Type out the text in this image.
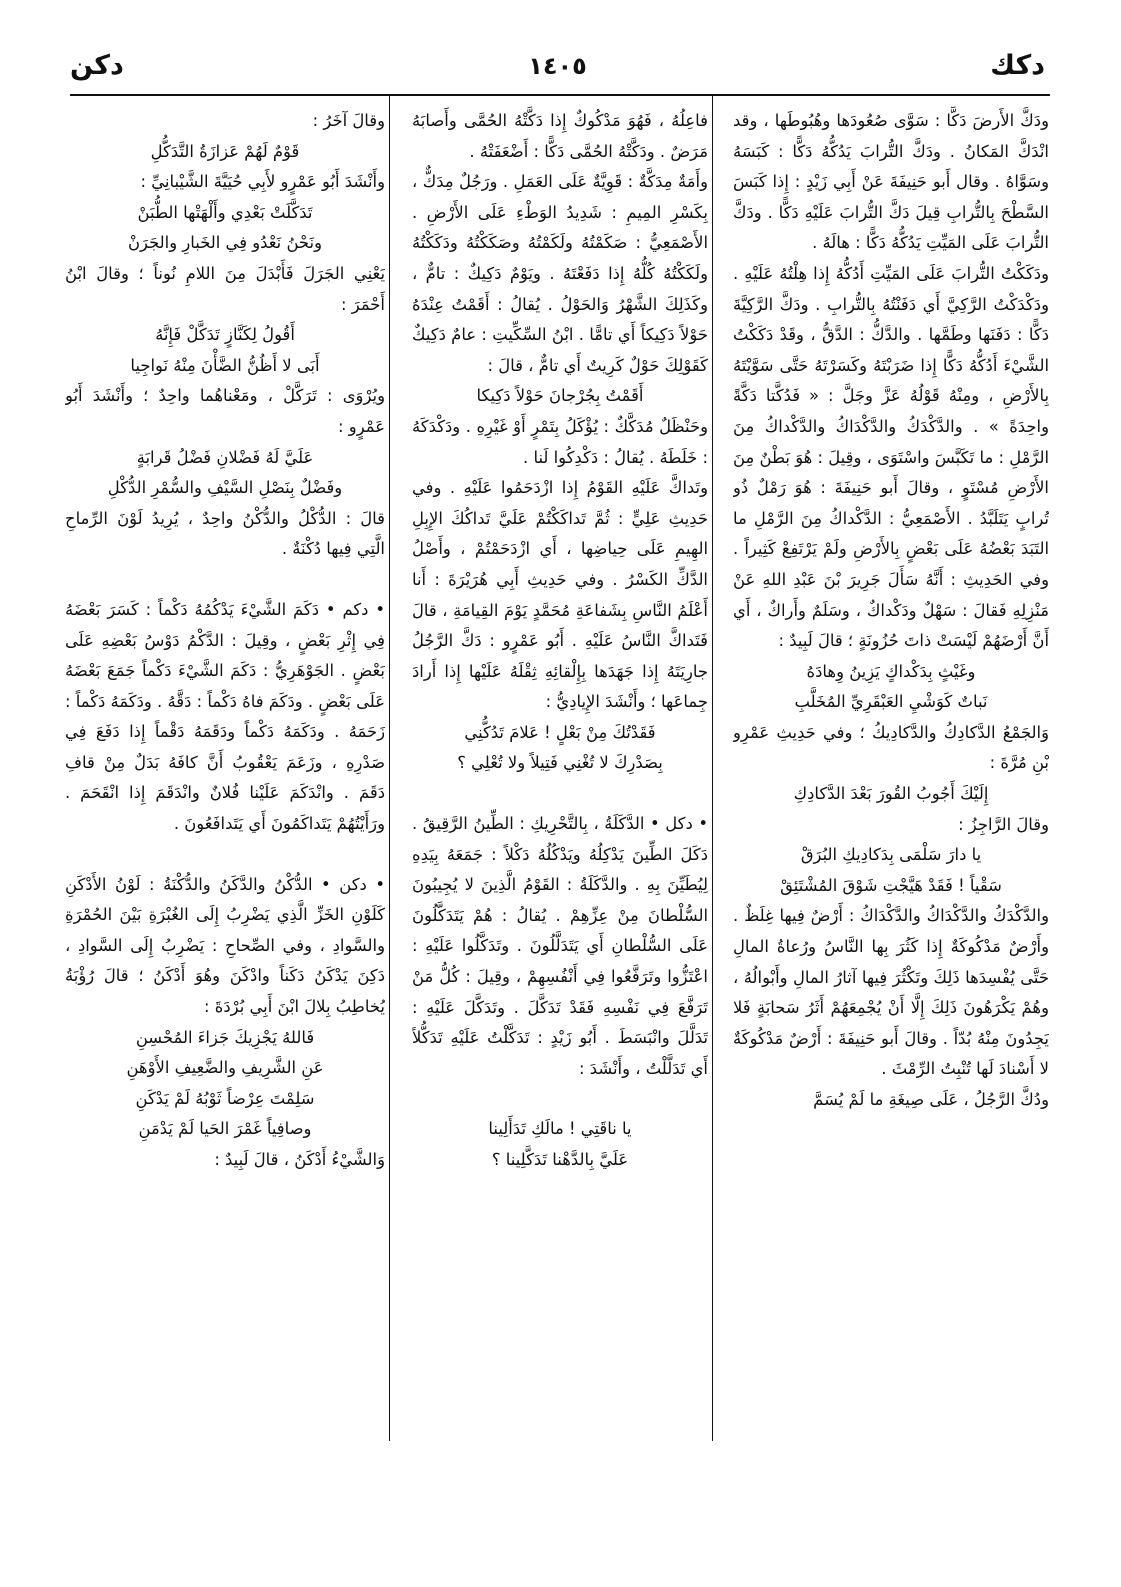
دكك
١٤٠٥
دكن

ودَكَّ الأَرضَ دَكًّا : سَوَّى صُعُودَها وهُبُوطَها ، وقد انْدَكَّ المَكانُ . ودَكَّ التُّرابَ يَدُكُّهُ دَكًّا : كَبَسَهُ وسَوَّاهُ . وقال أَبو حَنِيفَةَ عَنْ أَبِي زَيْدٍ : إِذا كَبَسَ السَّطْحَ بِالتُّرابِ قِيلَ دَكَّ التُّرابَ عَلَيْهِ دَكًّا . ودَكَّ التُّرابَ عَلَى المَيِّتِ يَدُكُّهُ دَكًّا : هالَهُ .

ودَكَكْتُ التُّرابَ عَلَى المَيِّتِ أَدُكُّهُ إِذا هِلْتُهُ عَلَيْهِ . ودَكْدَكْتُ الرَّكِيَّ أَي دَفَنْتُهُ بِالتُّرابِ . ودَكَّ الرَّكِيَّةَ دَكًّا : دَفَنَها وطَمَّها . والدَّكُّ : الدَّقُّ ، وقَدْ دَكَكْتُ الشَّيْءَ أَدُكُّهُ دَكًّا إِذا ضَرَبْتَهُ وكَسَرْتَهُ حَتَّى سَوَّيْتَهُ بِالأَرْضِ ، ومِنْهُ قَوْلُهُ عَزَّ وجَلَّ : « فَدُكَّتا دَكَّةً واحِدَةً » . والدَّكْدَكُ والدَّكْدَاكُ والدَّكْداكُ مِنَ الرَّمْلِ : ما تَكَبَّسَ واسْتَوَى ، وقِيلَ : هُوَ بَطْنٌ مِنَ الأَرْضِ مُسْتَوٍ ، وقالَ أَبو حَنِيفَةَ : هُوَ رَمْلٌ ذُو تُرابٍ يَتَلَبَّدُ . الأَصْمَعِيُّ : الدَّكْداكُ مِنَ الرَّمْلِ ما التَبَدَ بَعْضُهُ عَلَى بَعْضٍ بِالأَرْضِ ولَمْ يَرْتَفِعْ كَثِيراً . وفي الحَدِيثِ : أَنَّهُ سَأَلَ جَرِيرَ بْنَ عَبْدِ اللهِ عَنْ مَنْزِلِهِ فَقالَ : سَهْلٌ ودَكْداكٌ ، وسَلَمٌ وأَراكٌ ، أَي أَنَّ أَرْضَهُمْ لَيْسَتْ ذاتَ حُزُونَةٍ ؛ قالَ لَبِيدٌ :

وغَيْثٍ بِدَكْداكٍ يَزِينُ وِهادَهُ

نَباتٌ كَوَشْيِ العَبْقَرِيِّ المُخَلَّبِ

وَالجَمْعُ الدَّكادِكُ والدَّكادِيكُ ؛ وفي حَدِيثِ عَمْرِو بْنِ مُرَّةَ :

إِلَيْكَ أَجُوبُ القُورَ بَعْدَ الدَّكادِكِ

وقالَ الرَّاجِزُ :

يا دارَ سَلْمَى بِدَكادِيكِ البُرَقْ

سَقْياً ! فَقَدْ هَيَّجْتِ شَوْقَ المُشْتَئِقْ

والدَّكْدَكُ والدَّكْدَاكُ والدَّكْدَاكُ : أَرْضٌ فِيها غِلَظٌ . وأَرْضٌ مَدْكُوكَةٌ إِذا كَثُرَ بِها النَّاسُ ورُعاةُ المالِ حَتَّى يُفْسِدَها ذَلِكَ وتَكْثُرَ فِيها آثارُ المالِ وأَبْوالُهُ ، وهُمْ يَكْرَهُونَ ذَلِكَ إِلَّا أَنْ يُجْمِعَهُمْ أَثَرُ سَحابَةٍ فَلا يَجِدُونَ مِنْهُ بُدّاً . وقالَ أَبو حَنِيفَةَ : أَرْضٌ مَدْكُوكَةٌ لا أَسْنادَ لَها تُنْبِتُ الرِّمْثَ .

ودُكَّ الرَّجُلُ ، عَلَى صِيغَةِ ما لَمْ يُسَمَّ

فاعِلُهُ ، فَهُوَ مَدْكُوكٌ إِذا دَكَّتْهُ الحُمَّى وأَصابَهُ مَرَضٌ . ودَكَّتْهُ الحُمَّى دَكًّا : أَضْعَفَتْهُ .

وأَمَةٌ مِدَكَّةٌ : قَوِيَّةٌ عَلَى العَمَلِ . ورَجُلٌ مِدَكٌّ ، بِكَسْرِ المِيمِ : شَدِيدُ الوَطْءِ عَلَى الأَرْضِ . الأَصْمَعِيُّ : صَكَمْتُهُ ولَكَمْتُهُ وصَكَكْتُهُ ودَكَكْتُهُ ولَكَكْتُهُ كُلُّهُ إِذا دَفَعْتَهُ . ويَوْمٌ دَكِيكٌ : تامٌّ ، وكَذَلِكَ الشَّهْرُ وَالحَوْلُ . يُقالُ : أَقَمْتُ عِنْدَهُ حَوْلاً دَكِيكاً أَي تامًّا . ابْنُ السِّكِّيتِ : عامٌ دَكِيكٌ كَقَوْلِكَ حَوْلٌ كَرِيتٌ أَي تامٌّ ، قالَ :

أَقَمْتُ بِجُرْجانَ حَوْلاً دَكِيكا

وحَنْظَلٌ مُدَكَّكٌ : يُؤْكَلُ بِتَمْرٍ أَوْ غَيْرِهِ . ودَكْدَكَهُ : خَلَطَهُ . يُقالُ : دَكْدِكُوا لَنا .

وتَداكَّ عَلَيْهِ القَوْمُ إِذا ازْدَحَمُوا عَلَيْهِ . وفي حَدِيثِ عَلِيٍّ : ثُمَّ تَداكَكْتُمْ عَلَيَّ تَداكُكَ الإِبِلِ الهِيمِ عَلَى حِياضِها ، أَي ازْدَحَمْتُمْ ، وأَصْلُ الدَّكِّ الكَسْرُ . وفي حَدِيثِ أَبِي هُرَيْرَةَ : أَنا أَعْلَمُ النَّاسِ بِشَفاعَةِ مُحَمَّدٍ يَوْمَ القِيامَةِ ، قالَ فَتَداكَّ النَّاسُ عَلَيْهِ . أَبُو عَمْرٍو : دَكَّ الرَّجُلُ جارِيَتَهُ إِذا جَهَدَها بِإِلْقائِهِ ثِقْلَهُ عَلَيْها إِذا أَرادَ جِماعَها ؛ وأَنْشَدَ الإِيادِيُّ :

فَقَدْتُكَ مِنْ بَعْلٍ ! عَلامَ تَدُكُّنِي

بِصَدْرِكَ لا تُغْنِي فَتِيلاً ولا تُعْلِي ؟

• دكل • الدَّكَلَةُ ، بِالتَّحْرِيكِ : الطِّينُ الرَّقِيقُ . دَكَلَ الطِّينَ يَدْكِلُهُ ويَدْكُلُهُ دَكْلاً : جَمَعَهُ بِيَدِهِ لِيُطَيِّنَ بِهِ . والدَّكَلَةُ : القَوْمُ الَّذِينَ لا يُجِيبُونَ السُّلْطانَ مِنْ عِزِّهِمْ . يُقالُ : هُمْ يَتَدَكَّلُونَ عَلَى السُّلْطانِ أَي يَتَدَلَّلُونَ . وتَدَكَّلُوا عَلَيْهِ : اعْتَزُّوا وتَرَفَّعُوا فِي أَنْفُسِهِمْ ، وقِيلَ : كُلُّ مَنْ تَرَفَّعَ فِي نَفْسِهِ فَقَدْ تَدَكَّلَ . وتَدَكَّلَ عَلَيْهِ : تَدَلَّلَ وانْبَسَطَ . أَبُو زَيْدٍ : تَدَكَّلْتُ عَلَيْهِ تَدَكُّلاً أَي تَدَلَّلْتُ ، وأَنْشَدَ :

يا ناقَتِي ! مالَكِ تَدَأَلِينا

عَلَيَّ بِالدَّهْنا تَدَكَّلِينا ؟

وقالَ آخَرُ :

قَوْمٌ لَهُمْ عَزازَةُ التَّدَكُّلِ

وأَنْشَدَ أَبُو عَمْرٍو لأَبِي حُيَيَّةَ الشَّيْبانِيِّ :

تَدَكَّلَتْ بَعْدِي وأَلْهَتْها الطُّبَنْ

ونَحْنُ نَعْدُو فِي الخَبارِ والجَرَنْ

يَعْنِي الجَرَلَ فَأَبْدَلَ مِنَ اللامِ نُوناً ؛ وقالَ ابْنُ أَحْمَرَ :

أَقُولُ لِكَنَّازٍ تَدَكَّلْ فَإِنَّهُ

أَبَى لا أَظُنُّ الضَّأْنَ مِنْهُ نَواجِيا

ويُرْوَى : تَرَكَّلْ ، ومَعْناهُما واحِدٌ ؛ وأَنْشَدَ أَبُو عَمْرٍو :

عَلَيَّ لَهُ فَضْلانِ فَضْلُ قَرابَةٍ

وفَضْلٌ بِنَصْلِ السَّيْفِ والسُّمْرِ الدُّكْلِ

قالَ : الدُّكْلُ والدُّكْنُ واحِدٌ ، يُرِيدُ لَوْنَ الرِّماحِ الَّتِي فِيها دُكْنَةٌ .

• دكم • دَكَمَ الشَّيْءَ يَدْكُمُهُ دَكْماً : كَسَرَ بَعْضَهُ فِي إِثْرِ بَعْضٍ ، وقِيلَ : الدَّكْمُ دَوْسُ بَعْضِهِ عَلَى بَعْضٍ . الجَوْهَرِيُّ : دَكَمَ الشَّيْءَ دَكْماً جَمَعَ بَعْضَهُ عَلَى بَعْضٍ . ودَكَمَ فاهُ دَكْماً : دَقَّهُ . ودَكَمَهُ دَكْماً : زَحَمَهُ . ودَكَمَهُ دَكْماً ودَقَمَهُ دَقْماً إِذا دَفَعَ فِي صَدْرِهِ ، وزَعَمَ يَعْقُوبُ أَنَّ كافَهُ بَدَلٌ مِنْ قافِ دَقَمَ . وانْدَكَمَ عَلَيْنا فُلانٌ وانْدَقَمَ إِذا انْقَحَمَ . ورَأَيْتُهُمْ يَتَداكَمُونَ أَي يَتَدافَعُونَ .

• دكن • الدُّكْنُ والدَّكَنُ والدُّكْنَةُ : لَوْنُ الأَدْكَنِ كَلَوْنِ الخَزِّ الَّذِي يَضْرِبُ إِلَى الغُبْرَةِ بَيْنَ الحُمْرَةِ والسَّوادِ ، وفي الصِّحاحِ : يَضْرِبُ إِلَى السَّوادِ ، دَكِنَ يَدْكَنُ دَكَناً وادْكَنَ وهُوَ أَدْكَنُ ؛ قالَ رُؤْبَةُ يُخاطِبُ بِلالَ ابْنَ أَبِي بُرْدَةَ :

فَاللهُ يَجْزِيكَ جَزاءَ المُحْسِنِ

عَنِ الشَّرِيفِ والضَّعِيفِ الأَوْهَنِ

سَلِمْتَ عِرْضاً ثَوْبُهُ لَمْ يَدْكَنِ

وصافِياً غَمْرَ الحَيا لَمْ يَدْمَنِ

وَالشَّيْءُ أَدْكَنُ ، قالَ لَبِيدٌ :
